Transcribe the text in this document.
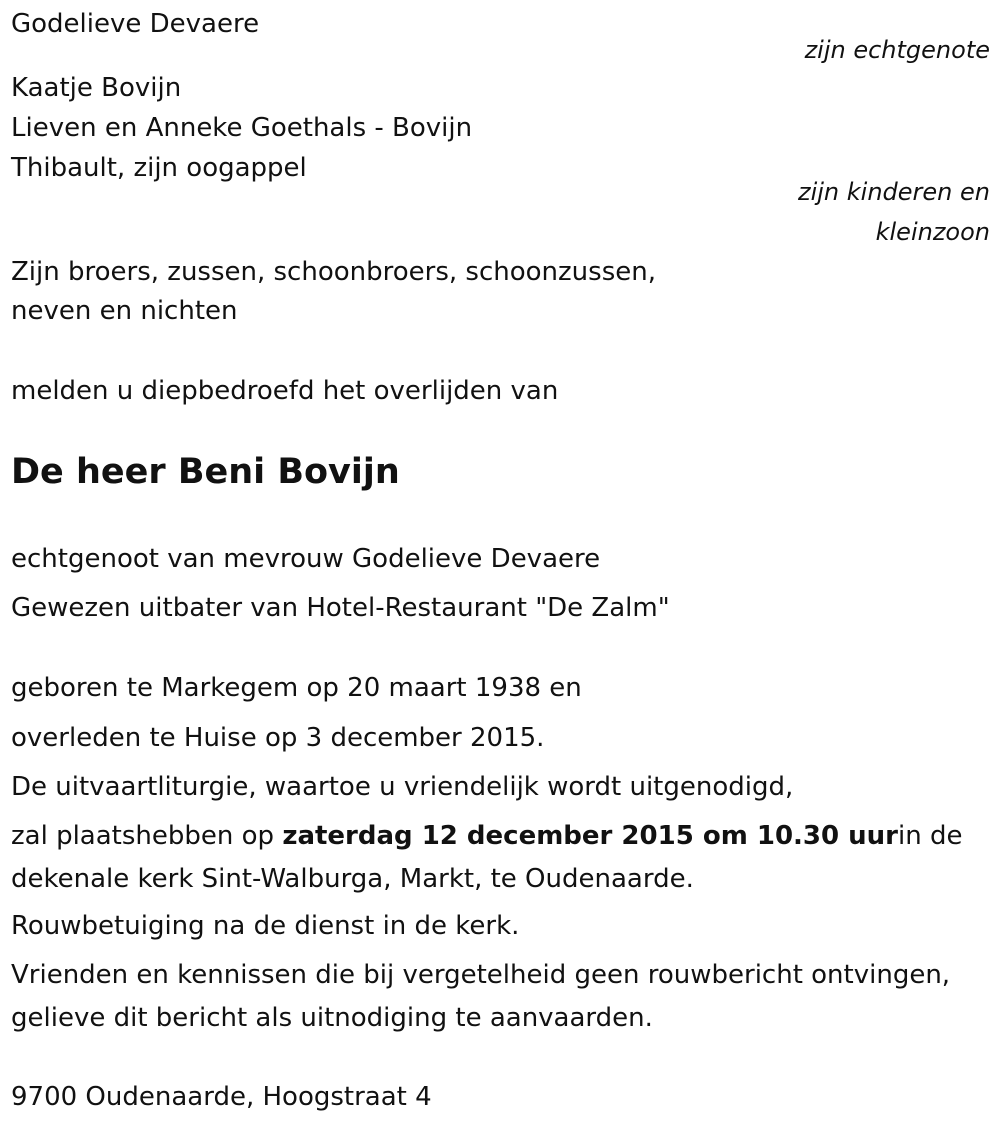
Godelieve Devaere
zijn echtgenote
Kaatje Bovijn
Lieven en Anneke Goethals - Bovijn
Thibault, zijn oogappel
zijn kinderen en
kleinzoon
Zijn broers, zussen, schoonbroers, schoonzussen,
neven en nichten
melden u diepbedroefd het overlijden van
De heer Beni Bovijn
echtgenoot van mevrouw Godelieve Devaere
Gewezen uitbater van Hotel-Restaurant "De Zalm"
geboren te Markegem op 20 maart 1938 en
overleden te Huise op 3 december 2015.
De uitvaartliturgie, waartoe u vriendelijk wordt uitgenodigd,
zal plaatshebben op zaterdag 12 december 2015 om 10.30 uurin de
dekenale kerk Sint-Walburga, Markt, te Oudenaarde.
Rouwbetuiging na de dienst in de kerk.
Vrienden en kennissen die bij vergetelheid geen rouwbericht ontvingen,
gelieve dit bericht als uitnodiging te aanvaarden.
9700 Oudenaarde, Hoogstraat 4
